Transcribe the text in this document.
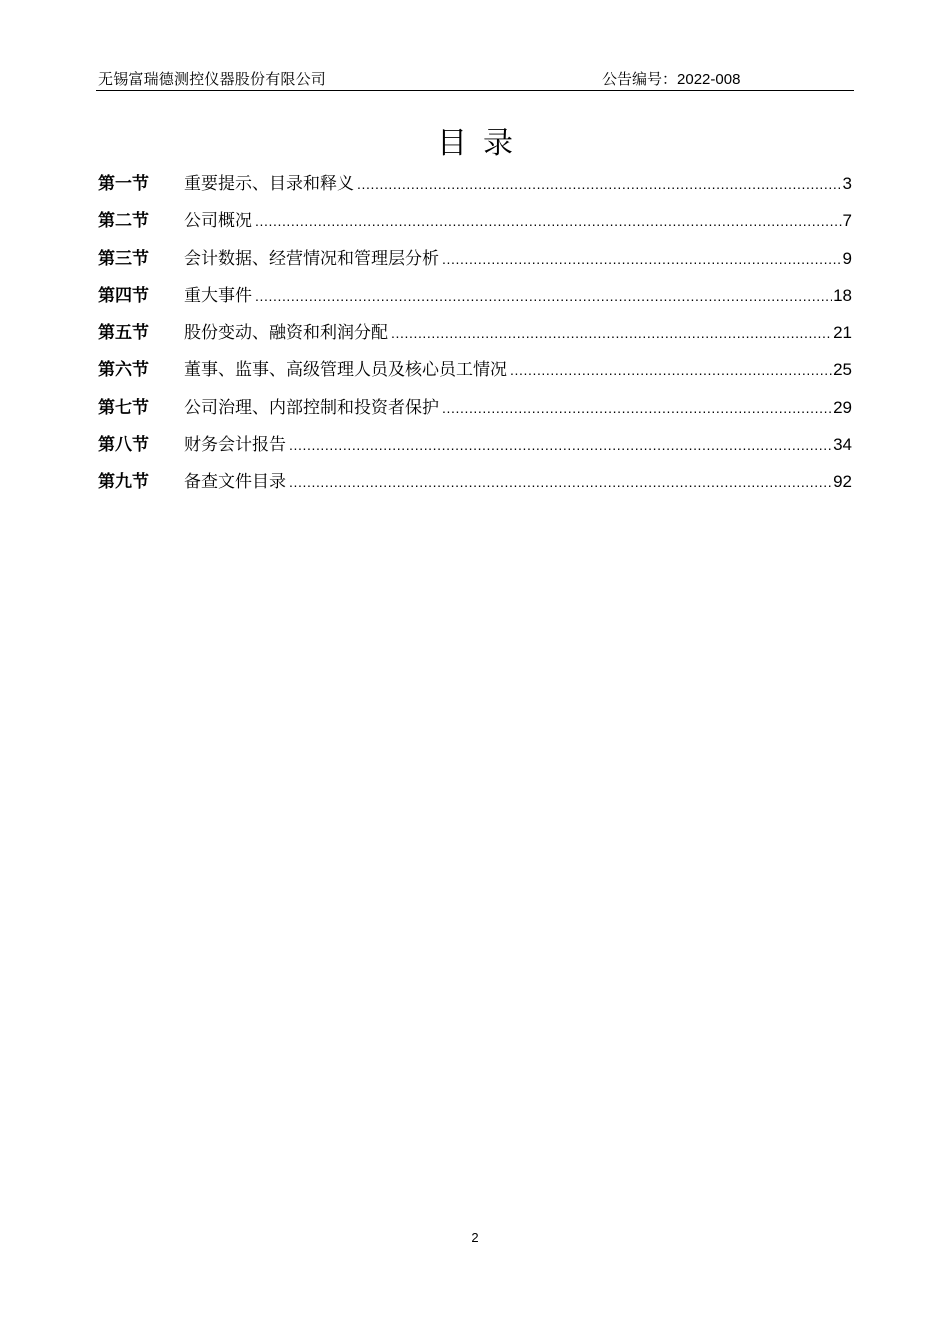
无锡富瑞德测控仪器股份有限公司	公告编号：2022-008
目录
第一节	重要提示、目录和释义 .....	3
第二节	公司概况 .....	7
第三节	会计数据、经营情况和管理层分析 .....	9
第四节	重大事件 .....	18
第五节	股份变动、融资和利润分配 .....	21
第六节	董事、监事、高级管理人员及核心员工情况 .....	25
第七节	公司治理、内部控制和投资者保护 .....	29
第八节	财务会计报告 .....	34
第九节	备查文件目录 .....	92
2
